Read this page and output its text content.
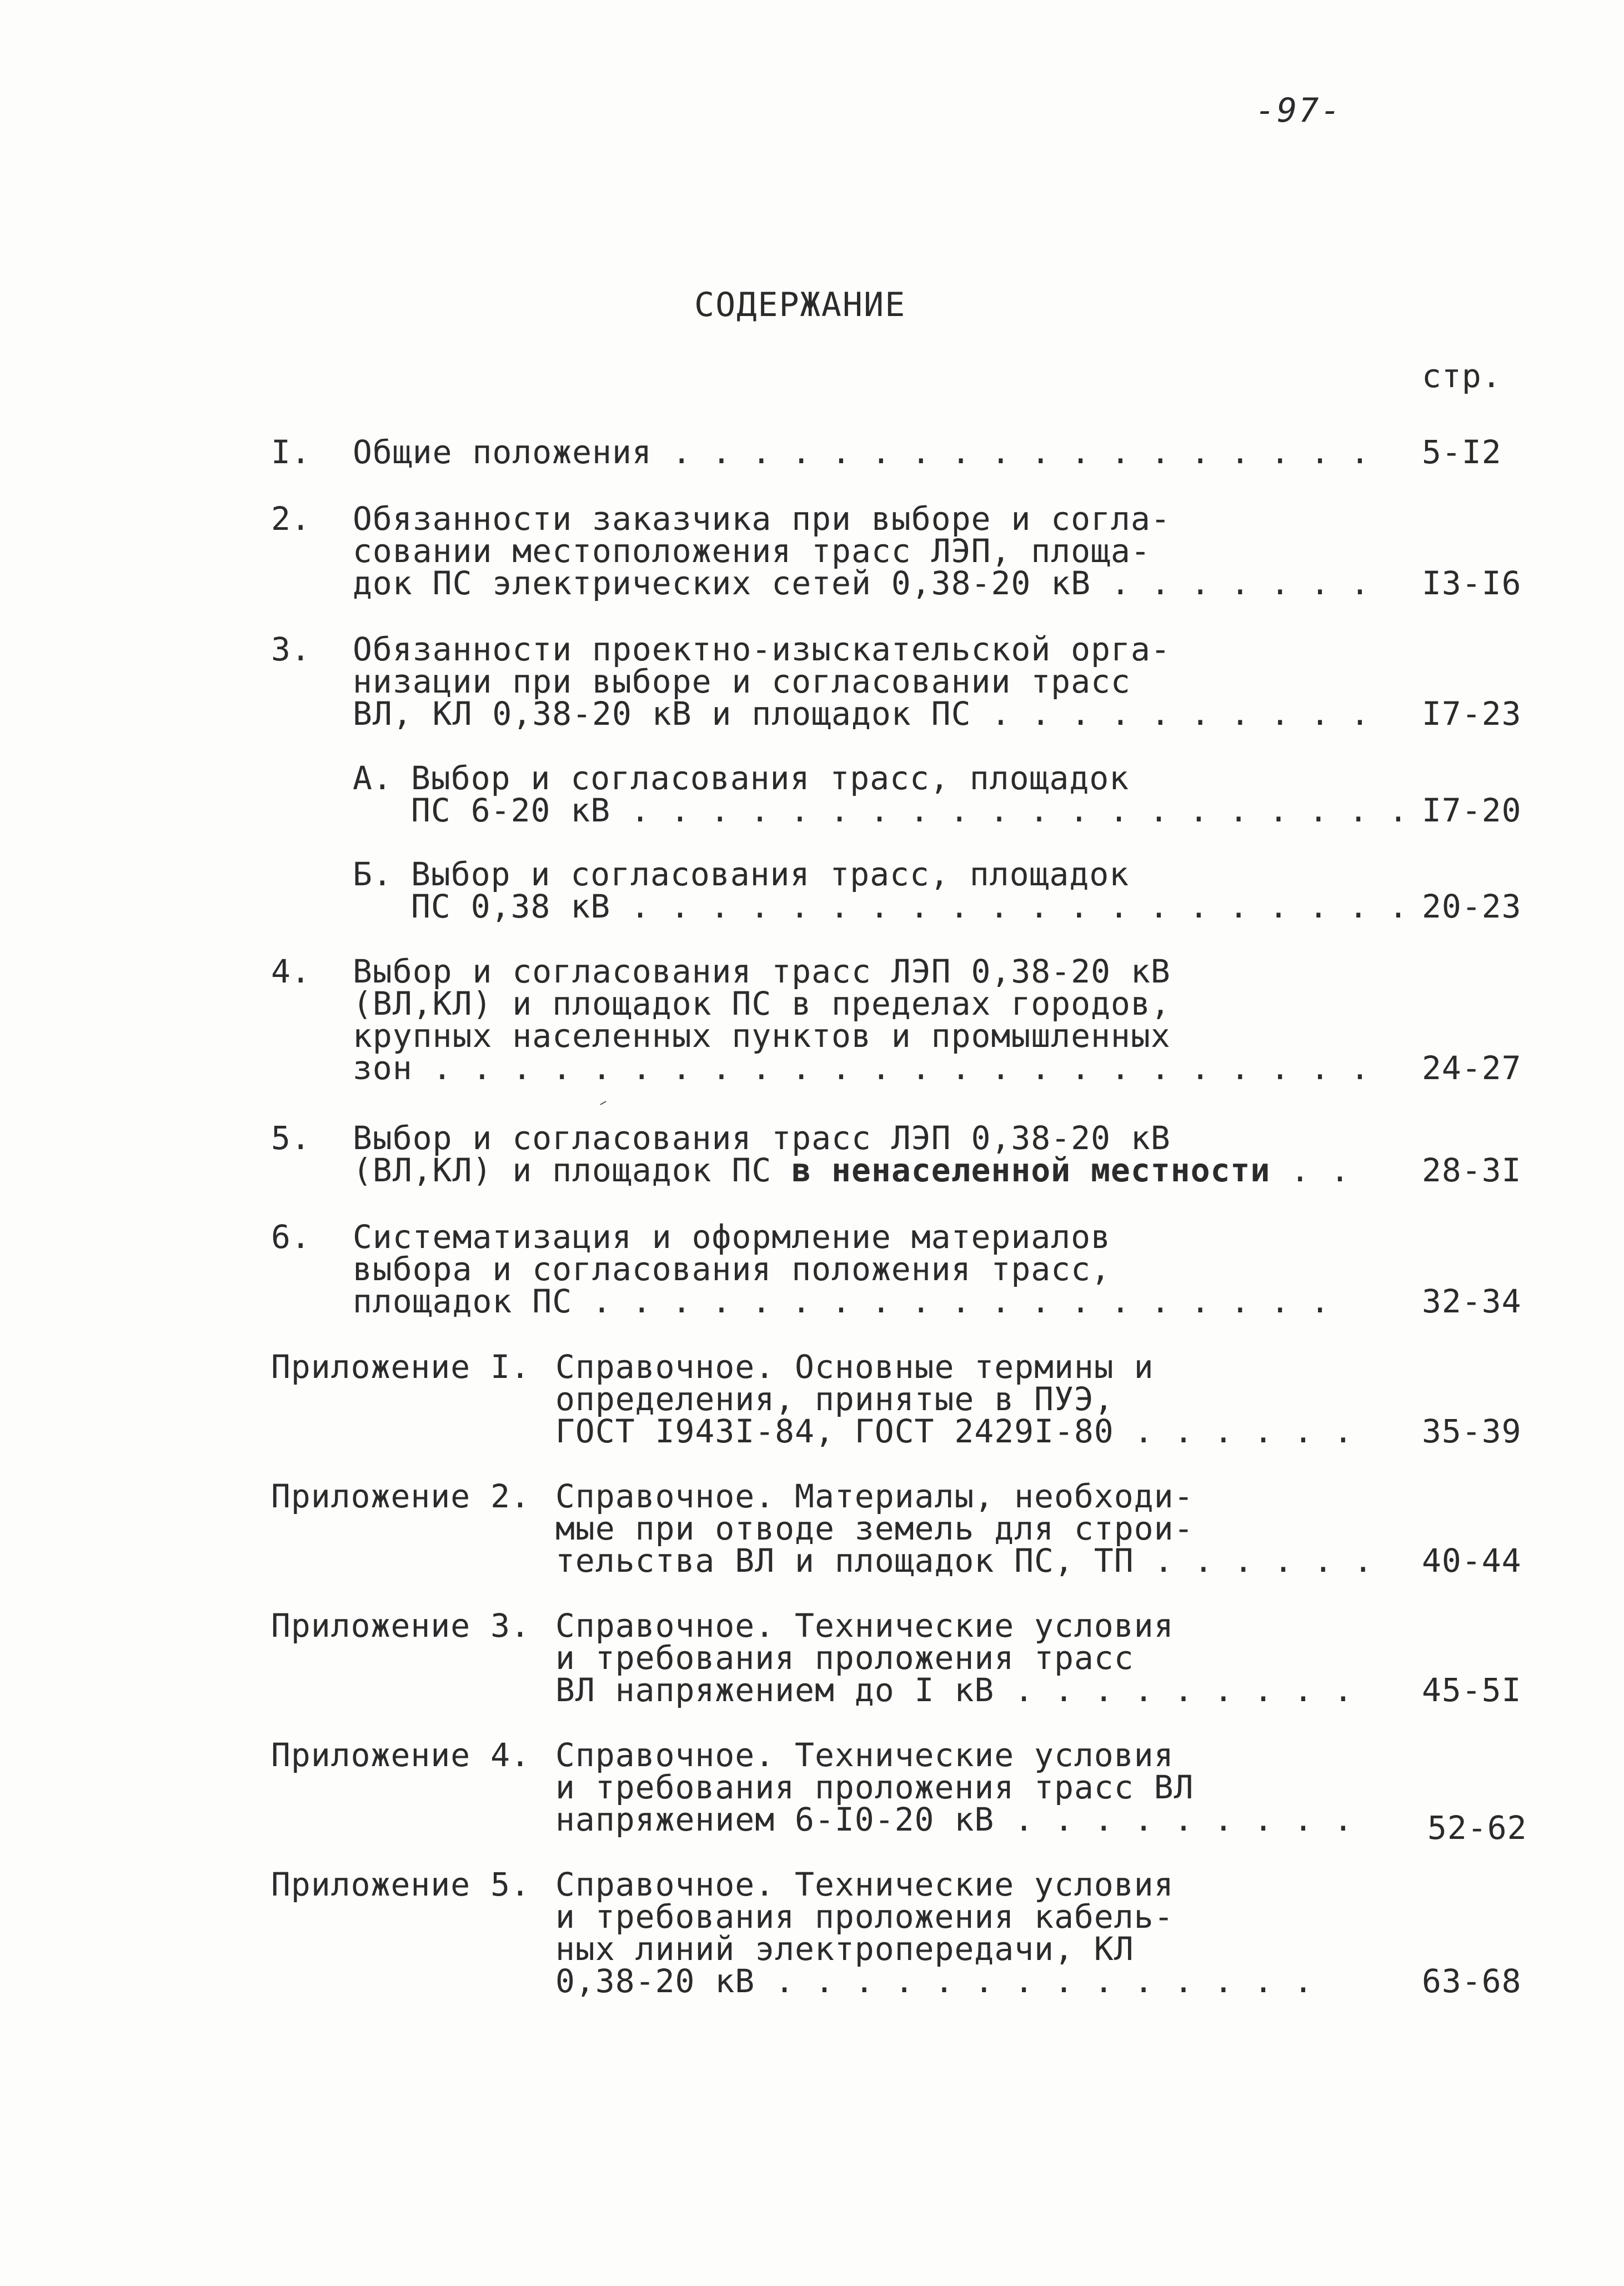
-97-
СОДЕРЖАНИЕ
стр.
I. Общие положения . . . . . . . . . . . . . . . . . . 5-I2
2. Обязанности заказчика при выборе и согла-
совании местоположения трасс ЛЭП, площа-
док ПС электрических сетей 0,38-20 кВ . . . . . . . I3-I6
3. Обязанности проектно-изыскательской орга-
низации при выборе и согласовании трасс
ВЛ, КЛ 0,38-20 кВ и площадок ПС . . . . . . . . . . I7-23
А. Выбор и согласования трасс, площадок
ПС 6-20 кВ . . . . . . . . . . . . . . . . . . . . I7-20
Б. Выбор и согласования трасс, площадок
ПС 0,38 кВ . . . . . . . . . . . . . . . . . . . . 20-23
4. Выбор и согласования трасс ЛЭП 0,38-20 кВ
(ВЛ,КЛ) и площадок ПС в пределах городов,
крупных населенных пунктов и промышленных
зон . . . . . . . . . . . . . . . . . . . . . . . . 24-27
5. Выбор и согласования трасс ЛЭП 0,38-20 кВ
(ВЛ,КЛ) и площадок ПС в ненаселенной местности . . 28-3I
6. Систематизация и оформление материалов
выбора и согласования положения трасс,
площадок ПС . . . . . . . . . . . . . . . . . . .	32-34
Приложение I. Справочное. Основные термины и
определения, принятые в ПУЭ,
ГОСТ I943I-84, ГОСТ 2429I-80 . . . . . . 35-39
Приложение 2. Справочное. Материалы, необходи-
мые при отводе земель для строи-
тельства ВЛ и площадок ПС, ТП . . . . . . 40-44
Приложение 3. Справочное. Технические условия
и требования проложения трасс
ВЛ напряжением до I кВ . . . . . . . . . 45-5I
Приложение 4. Справочное. Технические условия
и требования проложения трасс ВЛ
напряжением 6-I0-20 кВ . . . . . . . . . 52-62
Приложение 5. Справочное. Технические условия
и требования проложения кабель-
ных линий электропередачи, КЛ
0,38-20 кВ . . . . . . . . . . . . . .	63-68
